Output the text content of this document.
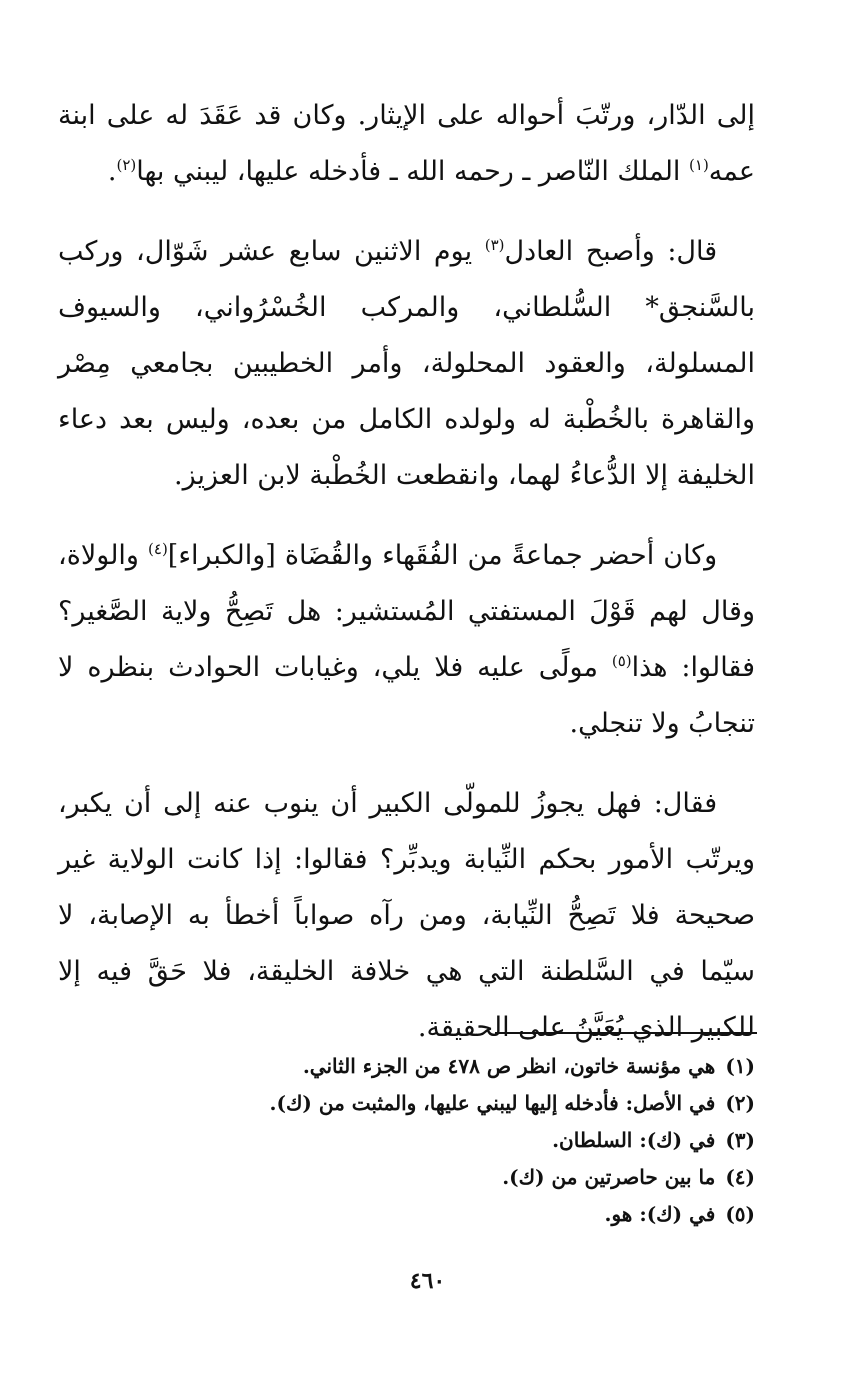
إلى الدّار، ورتّبَ أحواله على الإيثار. وكان قد عَقَدَ له على ابنة عمه$^{(١)}$ الملك النّاصر ـ رحمه الله ـ فأدخله عليها، ليبني بها$^{(٢)}$.

قال: وأصبح العادل$^{(٣)}$ يوم الاثنين سابع عشر شَوّال، وركب بالسَّنجق* السُّلطاني، والمركب الخُسْرُواني، والسيوف المسلولة، والعقود المحلولة، وأمر الخطيبين بجامعي مِصْر والقاهرة بالخُطْبة له ولولده الكامل من بعده، وليس بعد دعاء الخليفة إلا الدُّعاءُ لهما، وانقطعت الخُطْبة لابن العزيز.

وكان أحضر جماعةً من الفُقَهاء والقُضَاة [والكبراء]$^{(٤)}$ والولاة، وقال لهم قَوْلَ المستفتي المُستشير: هل تَصِحُّ ولاية الصَّغير؟ فقالوا: هذا$^{(٥)}$ مولًى عليه فلا يلي، وغيابات الحوادث بنظره لا تنجابُ ولا تنجلي.

فقال: فهل يجوزُ للمولّى الكبير أن ينوب عنه إلى أن يكبر، ويرتّب الأمور بحكم النِّيابة ويدبِّر؟ فقالوا: إذا كانت الولاية غير صحيحة فلا تَصِحُّ النِّيابة، ومن رآه صواباً أخطأ به الإصابة، لا سيّما في السَّلطنة التي هي خلافة الخليقة، فلا حَقَّ فيه إلا للكبير الذي يُعَيَّنُ على الحقيقة.

(١)هي مؤنسة خاتون، انظر ص ٤٧٨ من الجزء الثاني.
(٢)في الأصل: فأدخله إليها ليبني عليها، والمثبت من (ك).
(٣)في (ك): السلطان.
(٤)ما بين حاصرتين من (ك).
(٥)في (ك): هو.
٤٦٠
